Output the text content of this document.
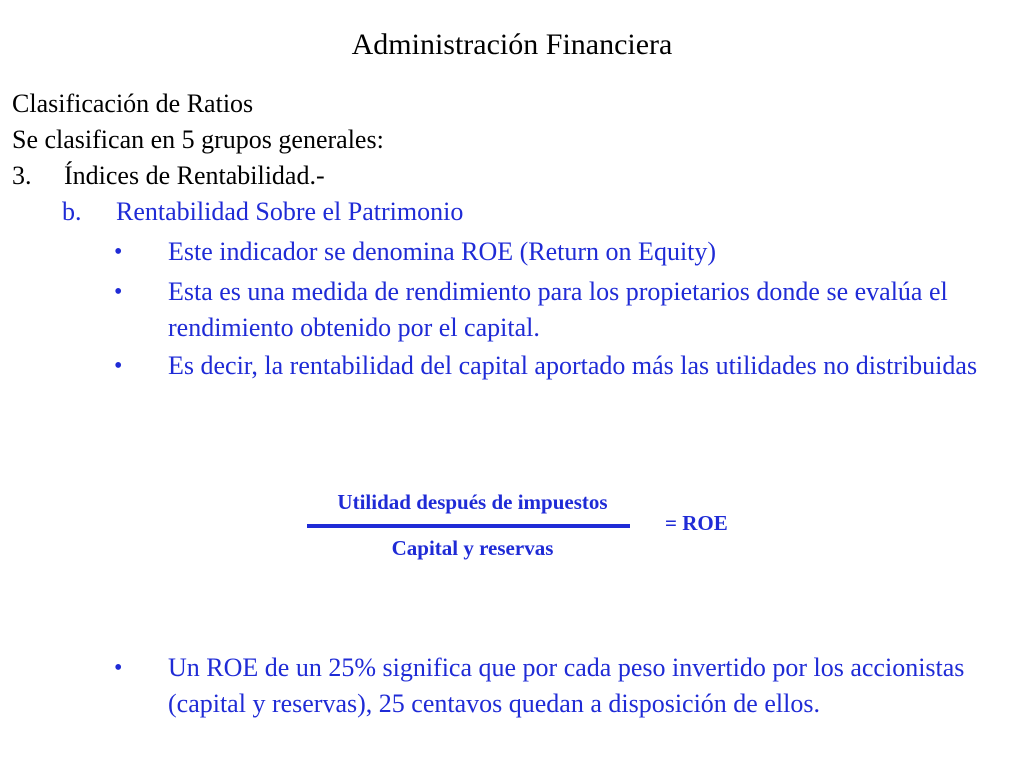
Administración Financiera
Clasificación de Ratios
Se clasifican en 5 grupos generales:
3. Índices de Rentabilidad.-
b. Rentabilidad Sobre el Patrimonio
• Este indicador se denomina ROE (Return on Equity)
• Esta es una medida de rendimiento para los propietarios donde se evalúa el rendimiento obtenido por el capital.
• Es decir, la rentabilidad del capital aportado más las utilidades no distribuidas
Utilidad después de impuestos
Capital y reservas
= ROE
• Un ROE de un 25% significa que por cada peso invertido por los accionistas (capital y reservas), 25 centavos quedan a disposición de ellos.
